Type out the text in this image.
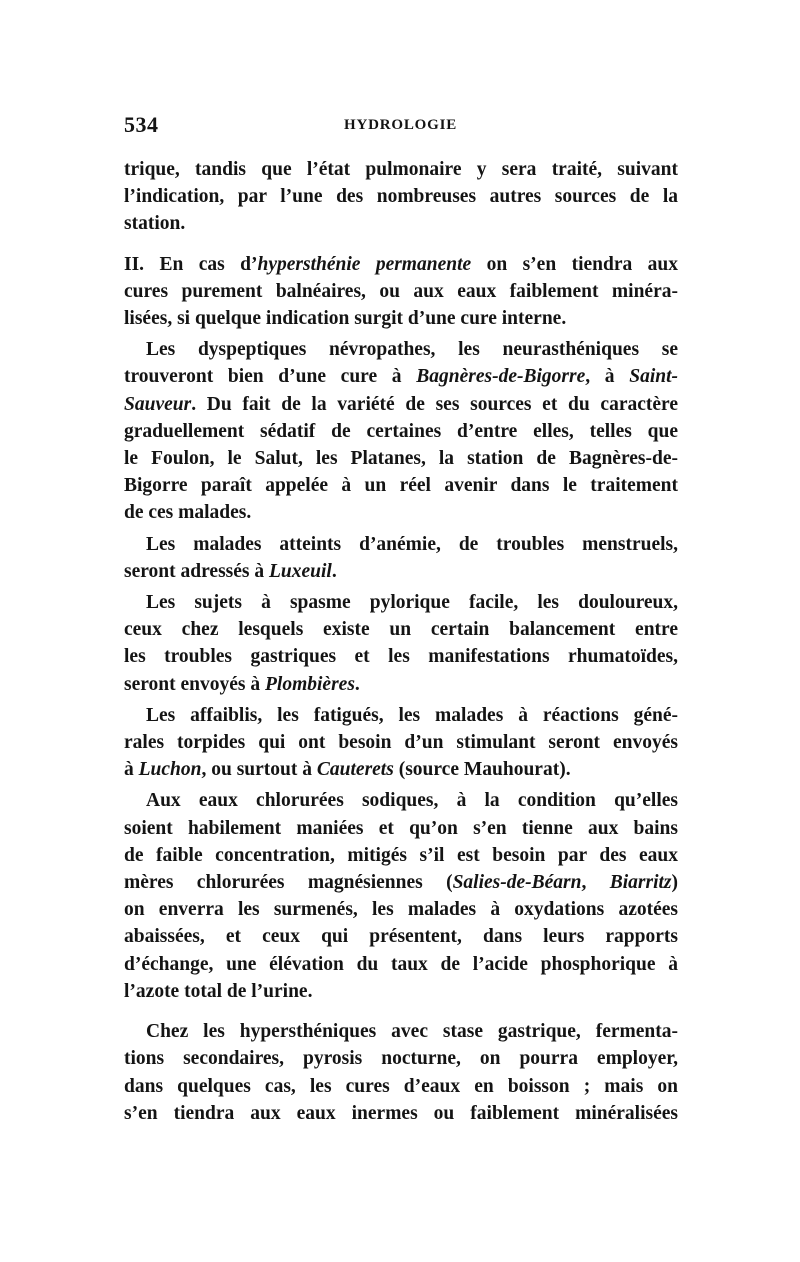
534	HYDROLOGIE
trique, tandis que l’état pulmonaire y sera traité, suivant
l’indication, par l’une des nombreuses autres sources de la
station.
II. En cas d’hypersthénie permanente on s’en tiendra aux
cures purement balnéaires, ou aux eaux faiblement minéra-
lisées, si quelque indication surgit d’une cure interne.
Les dyspeptiques névropathes, les neurasthéniques se
trouveront bien d’une cure à Bagnères-de-Bigorre, à Saint-
Sauveur. Du fait de la variété de ses sources et du caractère
graduellement sédatif de certaines d’entre elles, telles que
le Foulon, le Salut, les Platanes, la station de Bagnères-de-
Bigorre paraît appelée à un réel avenir dans le traitement
de ces malades.
Les malades atteints d’anémie, de troubles menstruels,
seront adressés à Luxeuil.
Les sujets à spasme pylorique facile, les douloureux,
ceux chez lesquels existe un certain balancement entre
les troubles gastriques et les manifestations rhumatoïdes,
seront envoyés à Plombières.
Les affaiblis, les fatigués, les malades à réactions géné-
rales torpides qui ont besoin d’un stimulant seront envoyés
à Luchon, ou surtout à Cauterets (source Mauhourat).
Aux eaux chlorurées sodiques, à la condition qu’elles
soient habilement maniées et qu’on s’en tienne aux bains
de faible concentration, mitigés s’il est besoin par des eaux
mères chlorurées magnésiennes (Salies-de-Béarn, Biarritz)
on enverra les surmenés, les malades à oxydations azotées
abaissées, et ceux qui présentent, dans leurs rapports
d’échange, une élévation du taux de l’acide phosphorique à
l’azote total de l’urine.
Chez les hypersthéniques avec stase gastrique, fermenta-
tions secondaires, pyrosis nocturne, on pourra employer,
dans quelques cas, les cures d’eaux en boisson ; mais on
s’en tiendra aux eaux inermes ou faiblement minéralisées
